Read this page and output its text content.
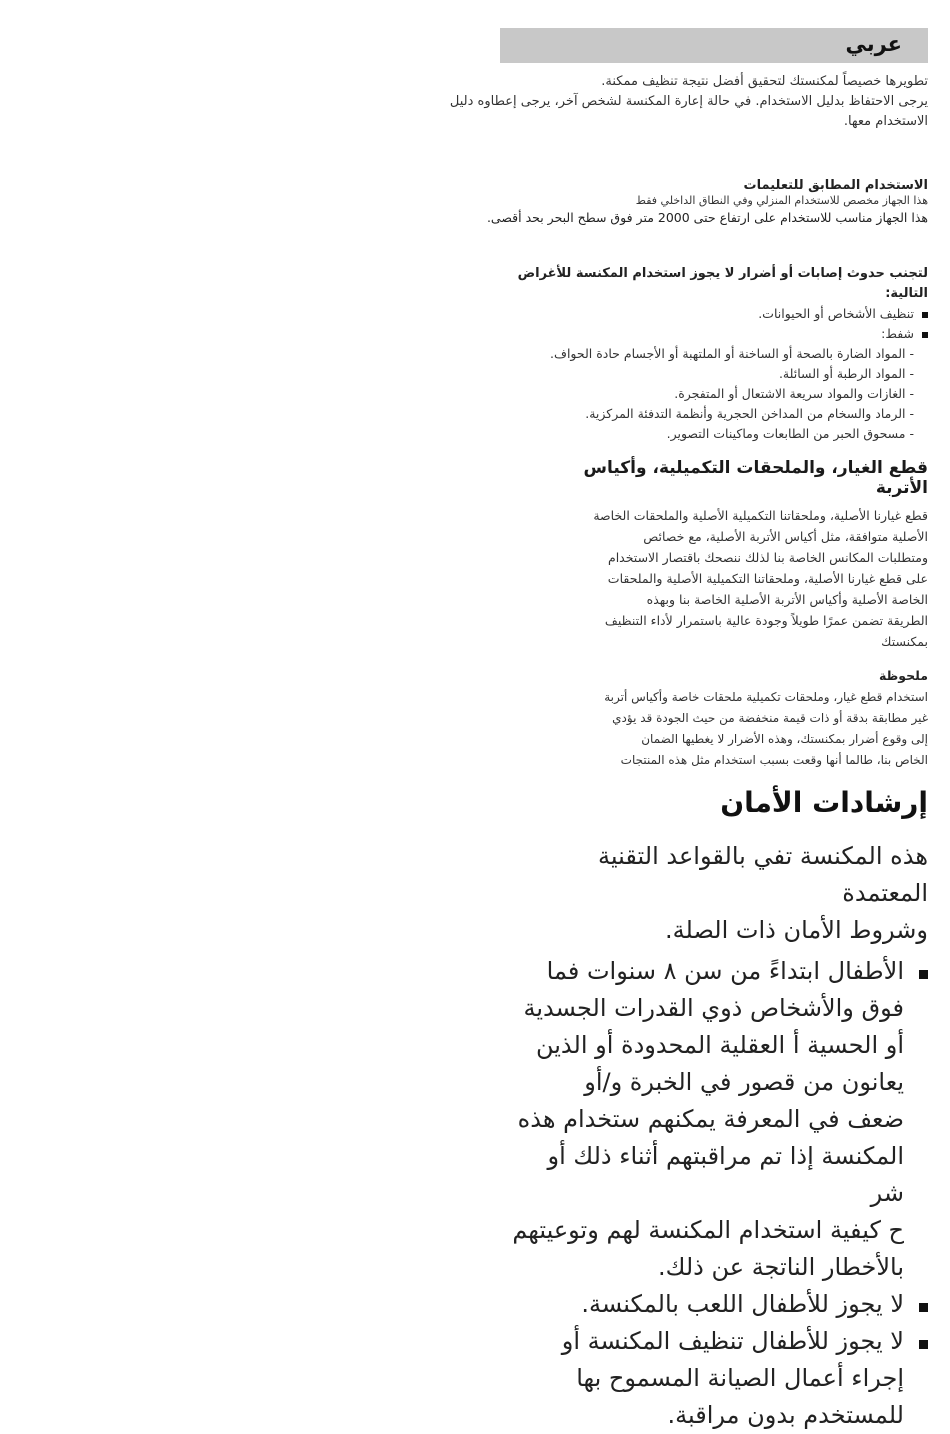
عربي

تطويرها خصيصاً لمكنستك لتحقيق أفضل نتيجة تنظيف ممكنة.

يرجى الاحتفاظ بدليل الاستخدام. في حالة إعارة المكنسة لشخص آخر، يرجى إعطاوه دليل

الاستخدام معها.

الاستخدام المطابق للتعليمات

هذا الجهاز مخصص للاستخدام المنزلي وفي النطاق الداخلي فقط

هذا الجهاز مناسب للاستخدام على ارتفاع حتى 2000 متر فوق سطح البحر بحد أقصى.

لتجنب حدوث إصابات أو أضرار لا يجوز استخدام المكنسة للأغراض التالية:

تنظيف الأشخاص أو الحيوانات.

شفط:

- المواد الضارة بالصحة أو الساخنة أو الملتهبة أو الأجسام حادة الحواف.

- المواد الرطبة أو السائلة.

- الغازات والمواد سريعة الاشتعال أو المتفجرة.

- الرماد والسخام من المداخن الحجرية وأنظمة التدفئة المركزية.

- مسحوق الحبر من الطابعات وماكينات التصوير.

قطع الغيار، والملحقات التكميلية، وأكياس الأتربة

قطع غيارنا الأصلية، وملحقاتنا التكميلية الأصلية والملحقات الخاصة

الأصلية متوافقة، مثل أكياس الأتربة الأصلية، مع خصائص

ومتطلبات المكانس الخاصة بنا لذلك ننصحك باقتصار الاستخدام

على قطع غيارنا الأصلية، وملحقاتنا التكميلية الأصلية والملحقات

الخاصة الأصلية وأكياس الأتربة الأصلية الخاصة بنا وبهذه

الطريقة تضمن عمرًا طويلاً وجودة عالية باستمرار لأداء التنظيف

بمكنستك

ملحوظة

استخدام قطع غيار، وملحقات تكميلية ملحقات خاصة وأكياس أتربة

غير مطابقة بدقة أو ذات قيمة منخفضة من حيث الجودة قد يؤدي

إلى وقوع أضرار بمكنستك، وهذه الأضرار لا يغطيها الضمان

الخاص بنا، طالما أنها وقعت بسبب استخدام مثل هذه المنتجات

إرشادات الأمان

هذه المكنسة تفي بالقواعد التقنية المعتمدة

وشروط الأمان ذات الصلة.

الأطفال ابتداءً من سن ٨ سنوات فما

فوق والأشخاص ذوي القدرات الجسدية

أو الحسية أ العقلية المحدودة أو الذين

يعانون من قصور في الخبرة و/أو

ضعف في المعرفة يمكنهم ستخدام هذه

المكنسة إذا تم مراقبتهم أثناء ذلك أو شر

ح كيفية استخدام المكنسة لهم وتوعيتهم

بالأخطار الناتجة عن ذلك.

لا يجوز للأطفال اللعب بالمكنسة.

لا يجوز للأطفال تنظيف المكنسة أو

إجراء أعمال الصيانة المسموح بها

للمستخدم بدون مراقبة.
